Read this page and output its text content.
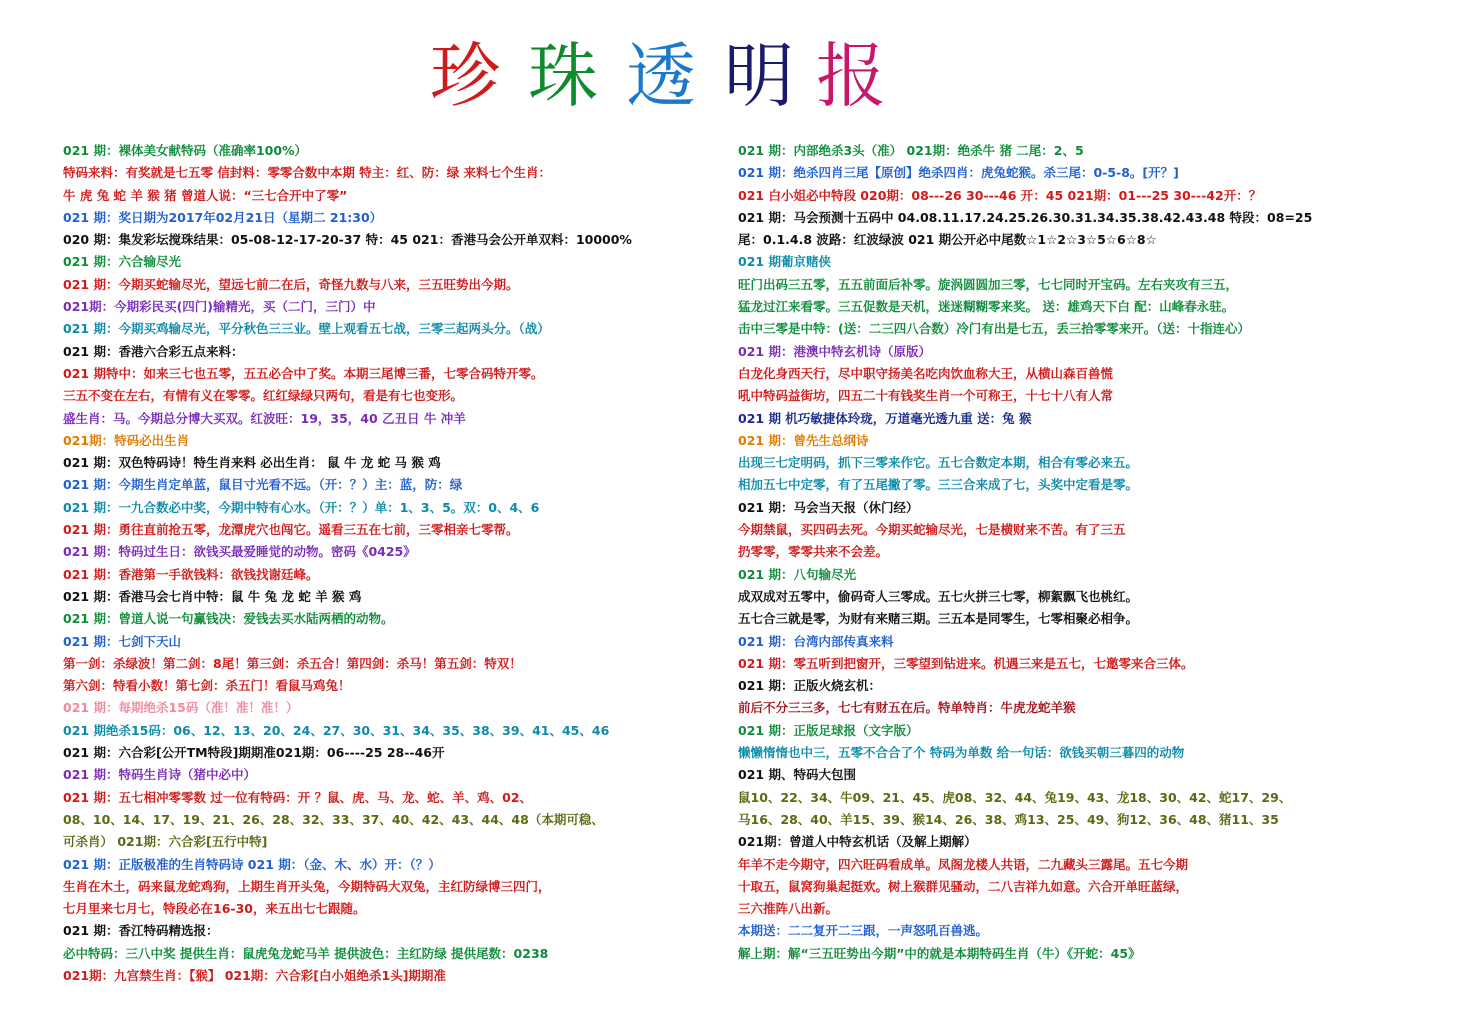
珍 珠 透 明 报
021 期：裸体美女献特码（准确率100%）
特码来料：有奖就是七五零 信封料：零零合数中本期 特主：红、防：绿 来料七个生肖：
牛 虎 兔 蛇 羊 猴 猪 曾道人说：“三七合开中了零”
021 期：奖日期为2017年02月21日（星期二 21:30）
020 期：集发彩坛搅珠结果：05-08-12-17-20-37 特：45 021：香港马会公开单双料：10000%
021 期：六合输尽光
021 期：今期买蛇输尽光，望远七前二在后，奇怪九数与八来，三五旺势出今期。
021期：今期彩民买(四门)输精光，买（二门，三门）中
021 期：今期买鸡输尽光，平分秋色三三业。壁上观看五七战，三零三起两头分。（战）
021 期：香港六合彩五点来料：
021 期特中：如来三七也五零，五五必合中了奖。本期三尾博三番，七零合码特开零。
三五不变在左右，有情有义在零零。红红绿绿只两句，看是有七也变形。
盛生肖：马。今期总分博大买双。红波旺：19，35，40 乙丑日 牛 冲羊
021期：特码必出生肖
021 期：双色特码诗！特生肖来料 必出生肖： 鼠 牛 龙 蛇 马 猴 鸡
021 期：今期生肖定单蓝，鼠目寸光看不远。（开：？）主：蓝，防：绿
021 期：一九合数必中奖，今期中特有心水。（开：？）单：1、3、5。双：0、4、6
021 期：勇往直前抢五零，龙潭虎穴也闯它。遥看三五在七前，三零相亲七零帮。
021 期：特码过生日：欲钱买最爱睡觉的动物。密码《0425》
021 期：香港第一手欲钱料：欲钱找谢廷峰。
021 期：香港马会七肖中特：鼠 牛 兔 龙 蛇 羊 猴 鸡
021 期：曾道人说一句赢钱决：爱钱去买水陆两栖的动物。
021 期：七剑下天山
第一剑：杀绿波！第二剑：8尾！第三剑：杀五合！第四剑：杀马！第五剑：特双！
第六剑：特看小数！第七剑：杀五门！看鼠马鸡兔！
021 期：每期绝杀15码（准！准！准！）
021 期绝杀15码：06、12、13、20、24、27、30、31、34、35、38、39、41、45、46
021 期：六合彩[公开TM特段]期期准021期：06----25 28--46开
021 期：特码生肖诗（猪中必中）
021 期：五七相冲零零数 过一位有特码：开 ？鼠、虎、马、龙、蛇、羊、鸡、02、
08、10、14、17、19、21、26、28、32、33、37、40、42、43、44、48（本期可稳、
可杀肖） 021期：六合彩[五行中特]
021 期：正版极准的生肖特码诗 021 期：（金、木、水）开：（？）
生肖在木土，码来鼠龙蛇鸡狗，上期生肖开头兔，今期特码大双兔，主红防绿博三四门，
七月里来七月七，特段必在16-30，来五出七七跟随。
021 期：香江特码精选报：
必中特码：三八中奖 提供生肖：鼠虎兔龙蛇马羊 提供波色：主红防绿 提供尾数：0238
021期：九宫禁生肖：【猴】 021期：六合彩[白小姐绝杀1头]期期准
021 期：内部绝杀3头（准） 021期：绝杀牛 猪 二尾：2、5
021 期：绝杀四肖三尾【原创】绝杀四肖：虎兔蛇猴。杀三尾：0-5-8。[开？]
021 白小姐必中特段 020期：08---26 30---46 开：45 021期：01---25 30---42开：？
021 期：马会预测十五码中 04.08.11.17.24.25.26.30.31.34.35.38.42.43.48 特段：08=25
尾：0.1.4.8 波路：红波绿波 021 期公开必中尾数☆1☆2☆3☆5☆6☆8☆
021 期葡京赌侠
旺门出码三五零，五五前面后补零。旋涡圆圆加三零，七七同时开宝码。左右夹攻有三五，
猛龙过江来看零。三五促数是天机，迷迷糊糊零来奖。 送：雄鸡天下白 配：山峰春永驻。
击中三零是中特：(送：二三四八合数）冷门有出是七五，丢三拾零零来开。（送：十指连心）
021 期：港澳中特玄机诗（原版）
白龙化身西天行，尽中职守扬美名吃肉饮血称大王，从横山森百兽慌
吼中特码益街坊，四五二十有钱奖生肖一个可称王，十七十八有人常
021 期 机巧敏捷体玲珑，万道毫光透九重 送：兔 猴
021 期：曾先生总纲诗
出现三七定明码，抓下三零来作它。五七合数定本期，相合有零必来五。
相加五七中定零，有了五尾撇了零。三三合来成了七，头奖中定看是零。
021 期：马会当天报（休门经）
今期禁鼠，买四码去死。今期买蛇输尽光，七是横财来不苦。有了三五
扔零零，零零共来不会差。
021 期：八句输尽光
成双成对五零中，偷码奇人三零成。五七火拼三七零，柳絮飘飞也桃红。
五七合三就是零，为财有来赌三期。三五本是同零生，七零相聚必相争。
021 期：台湾内部传真来料
021 期：零五听到把窗开，三零望到钻进来。机遇三来是五七，七邀零来合三体。
021 期：正版火烧玄机：
前后不分三三多，七七有财五在后。特单特肖：牛虎龙蛇羊猴
021 期：正版足球报（文字版）
懒懒惰惰也中三，五零不合合了个 特码为单数 给一句话：欲钱买朝三暮四的动物
021 期、特码大包围
鼠10、22、34、牛09、21、45、虎08、32、44、兔19、43、龙18、30、42、蛇17、29、
马16、28、40、羊15、39、猴14、26、38、鸡13、25、49、狗12、36、48、猪11、35
021期：曾道人中特玄机话（及解上期解）
年羊不走今期守，四六旺码看成单。凤阁龙楼人共语，二九藏头三露尾。五七今期
十取五，鼠窝狗巢起挺欢。树上猴群见骚动，二八吉祥九如意。六合开单旺蓝绿，
三六推阵八出新。
本期送：二二复开二三跟，一声怒吼百兽逃。
解上期：解“三五旺势出今期”中的就是本期特码生肖（牛）《开蛇：45》
